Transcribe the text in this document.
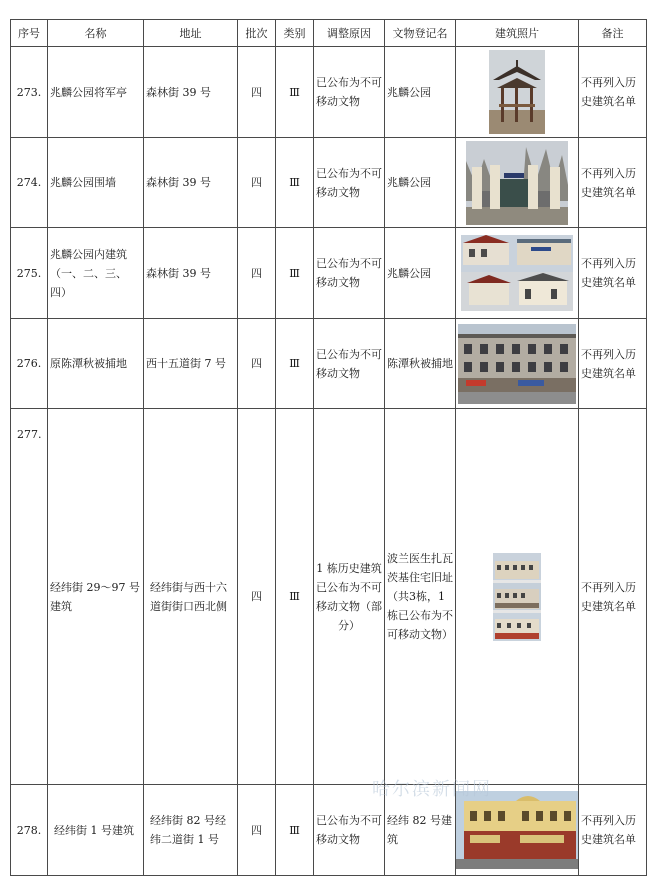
序号	名称	地址	批次	类别	调整原因	文物登记名	建筑照片	备注
273.	兆麟公园将军亭	森林街 39 号	四	Ⅲ	已公布为不可移动文物	兆麟公园		不再列入历史建筑名单
274.	兆麟公园围墙	森林街 39 号	四	Ⅲ	已公布为不可移动文物	兆麟公园		不再列入历史建筑名单
275.	兆麟公园内建筑（一、二、三、四）	森林街 39 号	四	Ⅲ	已公布为不可移动文物	兆麟公园		不再列入历史建筑名单
276.	原陈潭秋被捕地	西十五道街 7 号	四	Ⅲ	已公布为不可移动文物	陈潭秋被捕地		不再列入历史建筑名单
277.	经纬街 29～97 号建筑	经纬街与西十六道街街口西北侧	四	Ⅲ	1 栋历史建筑已公布为不可移动文物（部分）	波兰医生扎瓦茨基住宅旧址（共3栋，1 栋已公布为不可移动文物）		不再列入历史建筑名单
278.	经纬街 1 号建筑	经纬街 82 号经纬二道街 1 号	四	Ⅲ	已公布为不可移动文物	经纬 82 号建筑		不再列入历史建筑名单
哈尔滨新闻网
